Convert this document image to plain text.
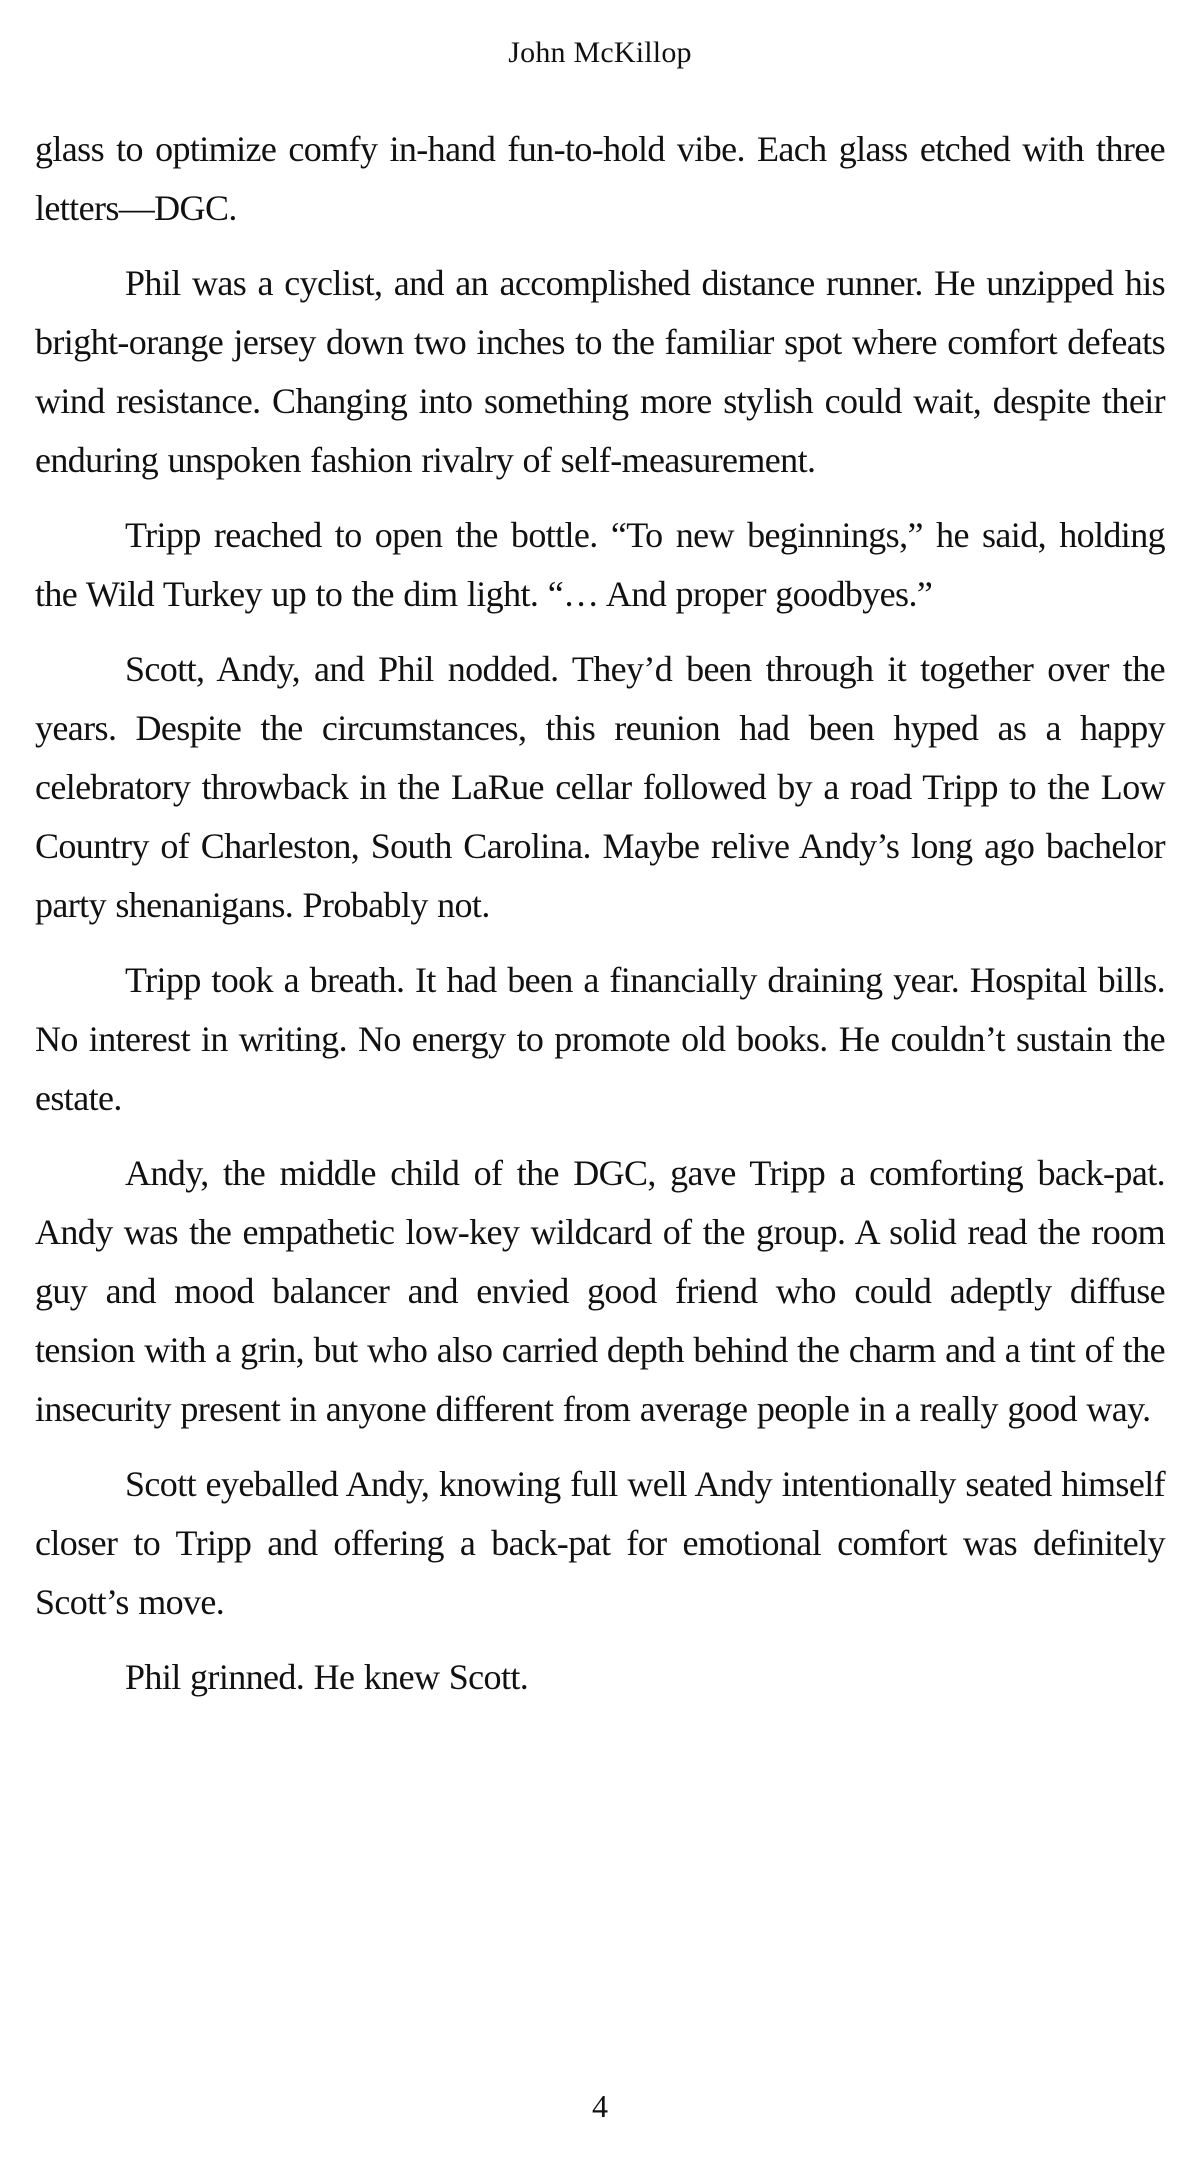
John McKillop

glass to optimize comfy in-hand fun-to-hold vibe. Each glass etched with three letters—DGC.

Phil was a cyclist, and an accomplished distance runner. He unzipped his bright-orange jersey down two inches to the familiar spot where comfort defeats wind resistance. Changing into something more stylish could wait, despite their enduring unspoken fashion rivalry of self-measurement.

Tripp reached to open the bottle. “To new beginnings,” he said, holding the Wild Turkey up to the dim light. “… And proper goodbyes.”

Scott, Andy, and Phil nodded. They’d been through it together over the years. Despite the circumstances, this reunion had been hyped as a happy celebratory throwback in the LaRue cellar followed by a road Tripp to the Low Country of Charleston, South Carolina. Maybe relive Andy’s long ago bachelor party shenanigans. Probably not.

Tripp took a breath. It had been a financially draining year. Hospital bills. No interest in writing. No energy to promote old books. He couldn’t sustain the estate.

Andy, the middle child of the DGC, gave Tripp a comforting back-pat. Andy was the empathetic low-key wildcard of the group. A solid read the room guy and mood balancer and envied good friend who could adeptly diffuse tension with a grin, but who also carried depth behind the charm and a tint of the insecurity present in anyone different from average people in a really good way.

Scott eyeballed Andy, knowing full well Andy intentionally seated himself closer to Tripp and offering a back-pat for emotional comfort was definitely Scott’s move.

Phil grinned. He knew Scott.

4
